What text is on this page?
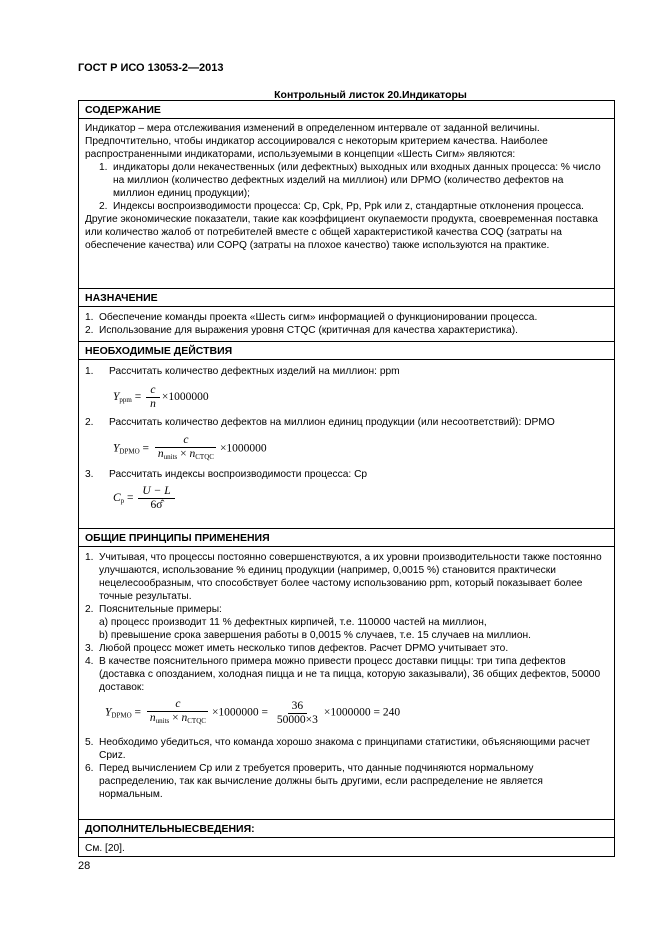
ГОСТ Р ИСО 13053-2—2013
Контрольный листок 20.Индикаторы
СОДЕРЖАНИЕ

Индикатор – мера отслеживания изменений в определенном интервале от заданной величины. Предпочтительно, чтобы индикатор ассоциировался с некоторым критерием качества. Наиболее распространенными индикаторами, используемыми в концепции «Шесть Сигм» являются:

1. индикаторы доли некачественных (или дефектных) выходных или входных данных процесса: % число на миллион (количество дефектных изделий на миллион) или DPMO (количество дефектов на миллион единиц продукции);
2. Индексы воспроизводимости процесса: Cp, Cpk, Pp, Ppk или z, стандартные отклонения процесса.

Другие экономические показатели, такие как коэффициент окупаемости продукта, своевременная поставка или количество жалоб от потребителей вместе с общей характеристикой качества COQ (затраты на обеспечение качества) или COPQ (затраты на плохое качество) также используются на практике.

НАЗНАЧЕНИЕ
1. Обеспечение команды проекта «Шесть сигм» информацией о функционировании процесса.
2. Использование для выражения уровня CTQC (критичная для качества характеристика).
НЕОБХОДИМЫЕ ДЕЙСТВИЯ
1.	Рассчитать количество дефектных изделий на миллион: ppm
$Y_{ppm} = \frac{c}{n} \times 1000000$
2.	Рассчитать количество дефектов на миллион единиц продукции (или несоответствий): DPMO
$Y_{DPMO} = \frac{c}{n_{units} \times n_{CTQC}} \times 1000000$
3.	Рассчитать индексы воспроизводимости процесса: Cp
$C_p = \frac{U - L}{6\sigmâ}$
ОБЩИЕ ПРИНЦИПЫ ПРИМЕНЕНИЯ
1. Учитывая, что процессы постоянно совершенствуются, а их уровни производительности также постоянно улучшаются, использование % единиц продукции (например, 0,0015 %) становится практически нецелесообразным, что способствует более частому использованию ppm, который показывает более точные результаты.
2. Пояснительные примеры:

a) процесс производит 11 % дефектных кирпичей, т.е. 110000 частей на миллион,

b) превышение срока завершения работы в 0,0015 % случаев, т.е. 15 случаев на миллион.

3. Любой процесс может иметь несколько типов дефектов. Расчет DPMO учитывает это.
4. В качестве пояснительного примера можно привести процесс доставки пиццы: три типа дефектов (доставка с опозданием, холодная пицца и не та пицца, которую заказывали), 36 общих дефектов, 50000 доставок:
$Y_{DPMO} = \frac{c}{n_{units} \times n_{CTQC}} \times 1000000 = \frac{36}{50000\times 3} \times 1000000 = 240$
5. Необходимо убедиться, что команда хорошо знакома с принципами статистики, объясняющими расчет Cpиz.
6. Перед вычислением Cp или z требуется проверить, что данные подчиняются нормальному распределению, так как вычисление должны быть другими, если распределение не является нормальным.
ДОПОЛНИТЕЛЬНЫЕСВЕДЕНИЯ:

См. [20].

28
